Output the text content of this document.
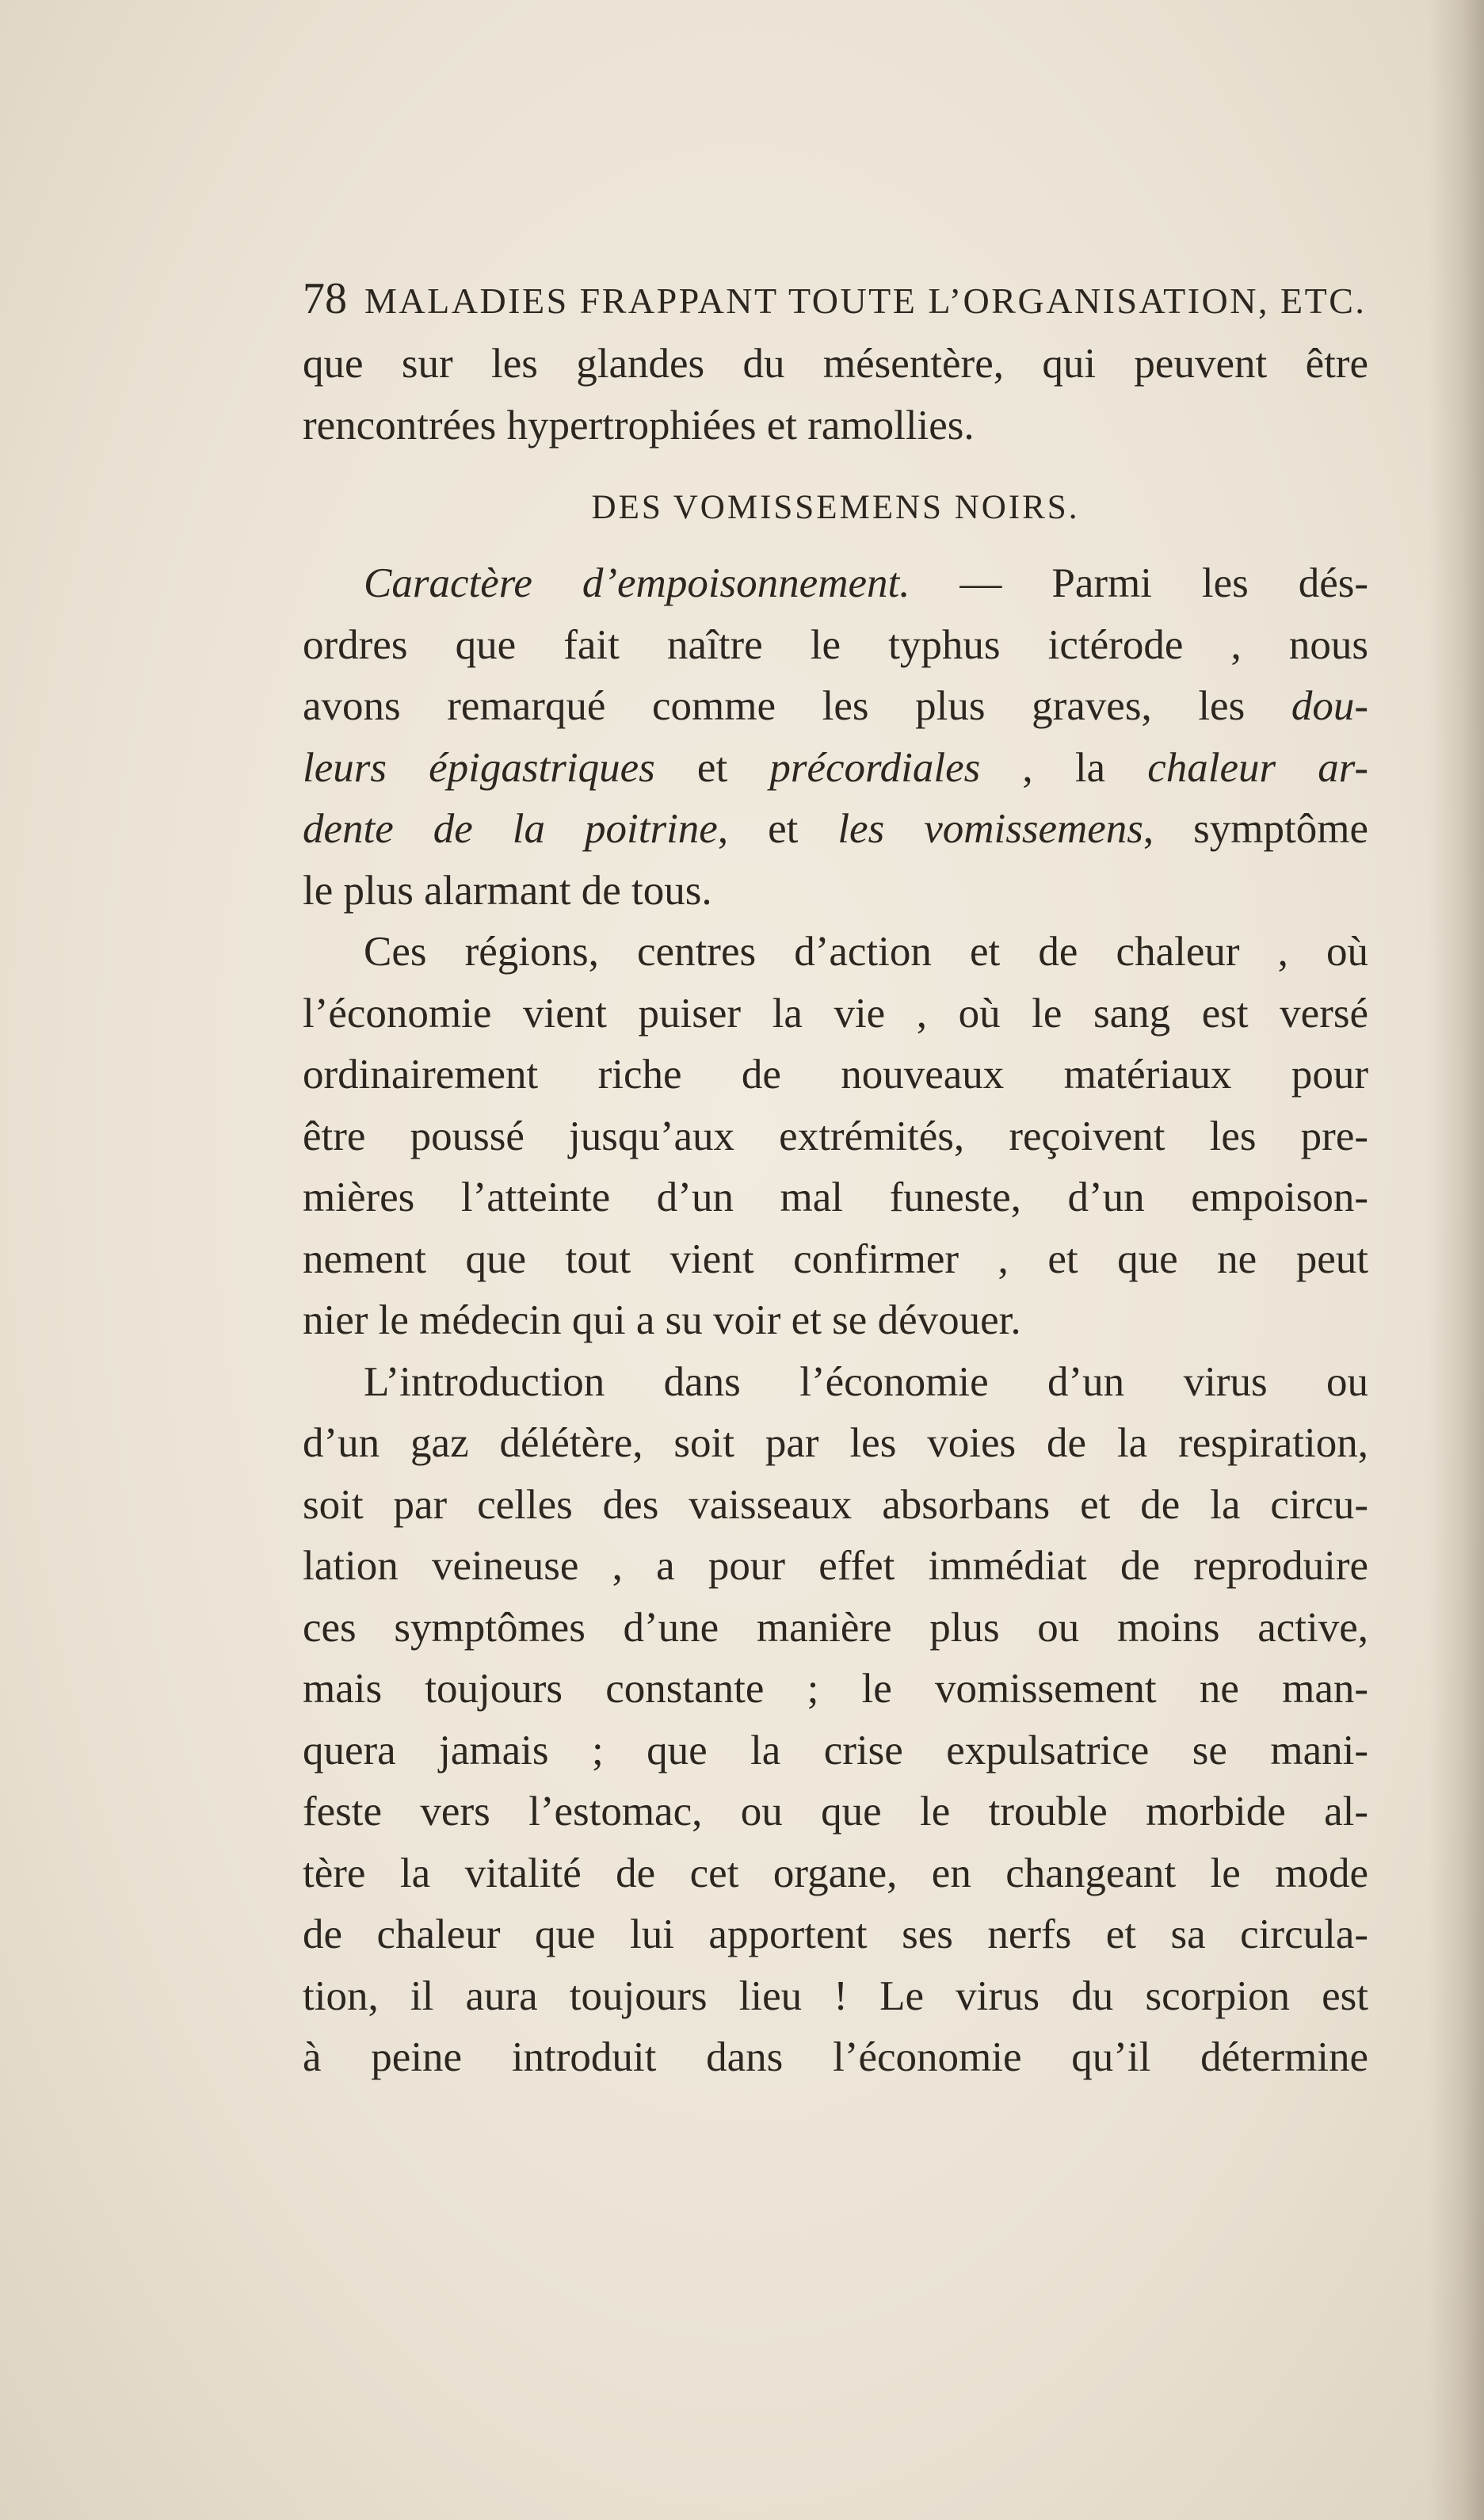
78 MALADIES FRAPPANT TOUTE L’ORGANISATION, ETC.
que sur les glandes du mésentère, qui peuvent être
rencontrées hypertrophiées et ramollies.
DES VOMISSEMENS NOIRS.
Caractère d’empoisonnement. — Parmi les dés-
ordres que fait naître le typhus ictérode , nous
avons remarqué comme les plus graves, les dou-
leurs épigastriques et précordiales , la chaleur ar-
dente de la poitrine, et les vomissemens, symptôme
le plus alarmant de tous.
Ces régions, centres d’action et de chaleur , où
l’économie vient puiser la vie , où le sang est versé
ordinairement riche de nouveaux matériaux pour
être poussé jusqu’aux extrémités, reçoivent les pre-
mières l’atteinte d’un mal funeste, d’un empoison-
nement que tout vient confirmer , et que ne peut
nier le médecin qui a su voir et se dévouer.
L’introduction dans l’économie d’un virus ou
d’un gaz délétère, soit par les voies de la respiration,
soit par celles des vaisseaux absorbans et de la circu-
lation veineuse , a pour effet immédiat de reproduire
ces symptômes d’une manière plus ou moins active,
mais toujours constante ; le vomissement ne man-
quera jamais ; que la crise expulsatrice se mani-
feste vers l’estomac, ou que le trouble morbide al-
tère la vitalité de cet organe, en changeant le mode
de chaleur que lui apportent ses nerfs et sa circula-
tion, il aura toujours lieu ! Le virus du scorpion est
à peine introduit dans l’économie qu’il détermine
